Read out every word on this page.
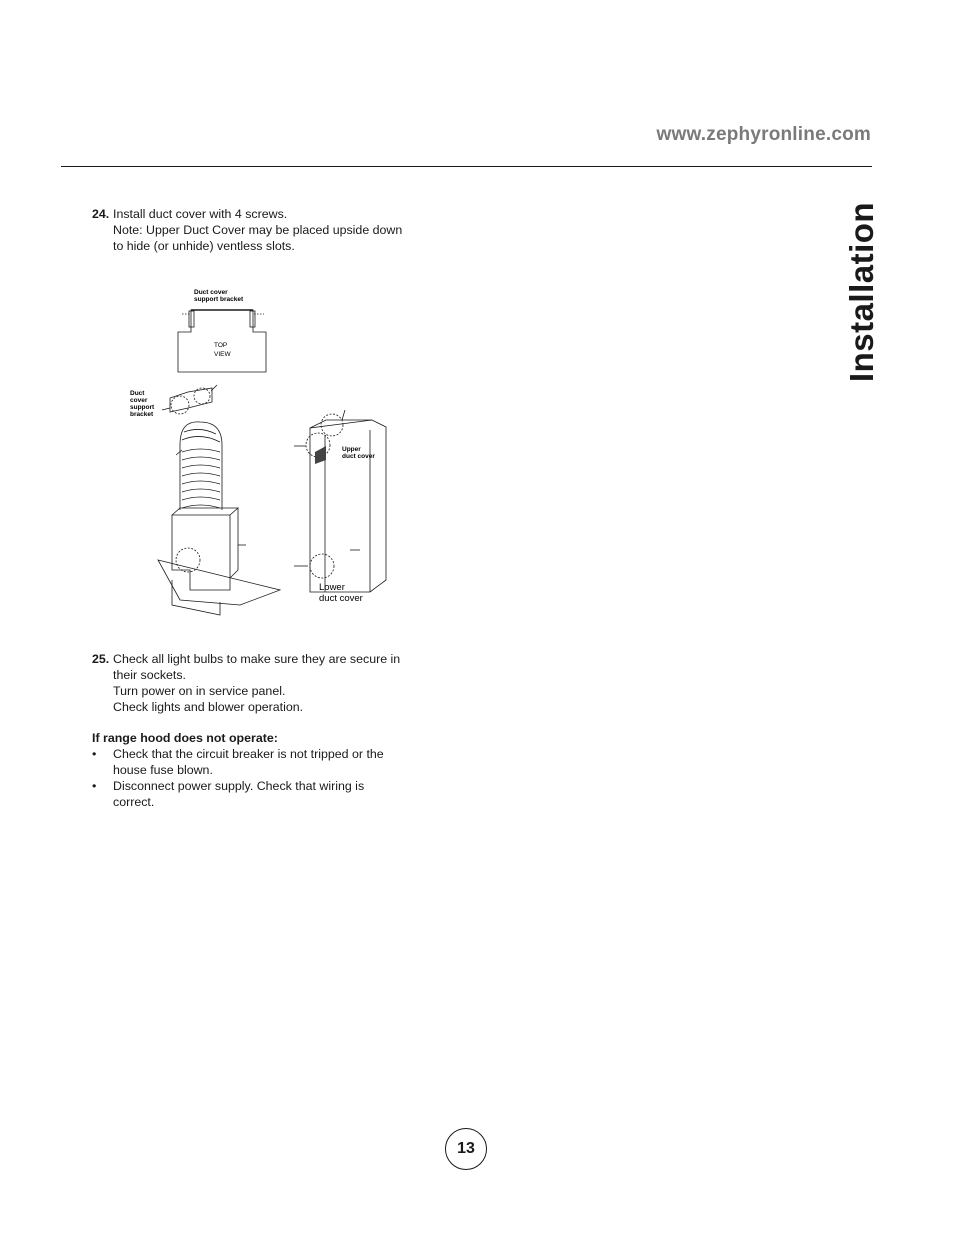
www.zephyronline.com
Installation
24. Install duct cover with 4 screws.
Note: Upper Duct Cover may be placed upside down
to hide (or unhide) ventless slots.
Duct cover
support bracket
TOP
VIEW
Duct
cover
support
bracket
Upper
duct cover
Lower
duct cover
25. Check all light bulbs to make sure they are secure in
their sockets.
Turn power on in service panel.
Check lights and blower operation.
If range hood does not operate:
• Check that the circuit breaker is not tripped or the
house fuse blown.
• Disconnect power supply. Check that wiring is
correct.
13
